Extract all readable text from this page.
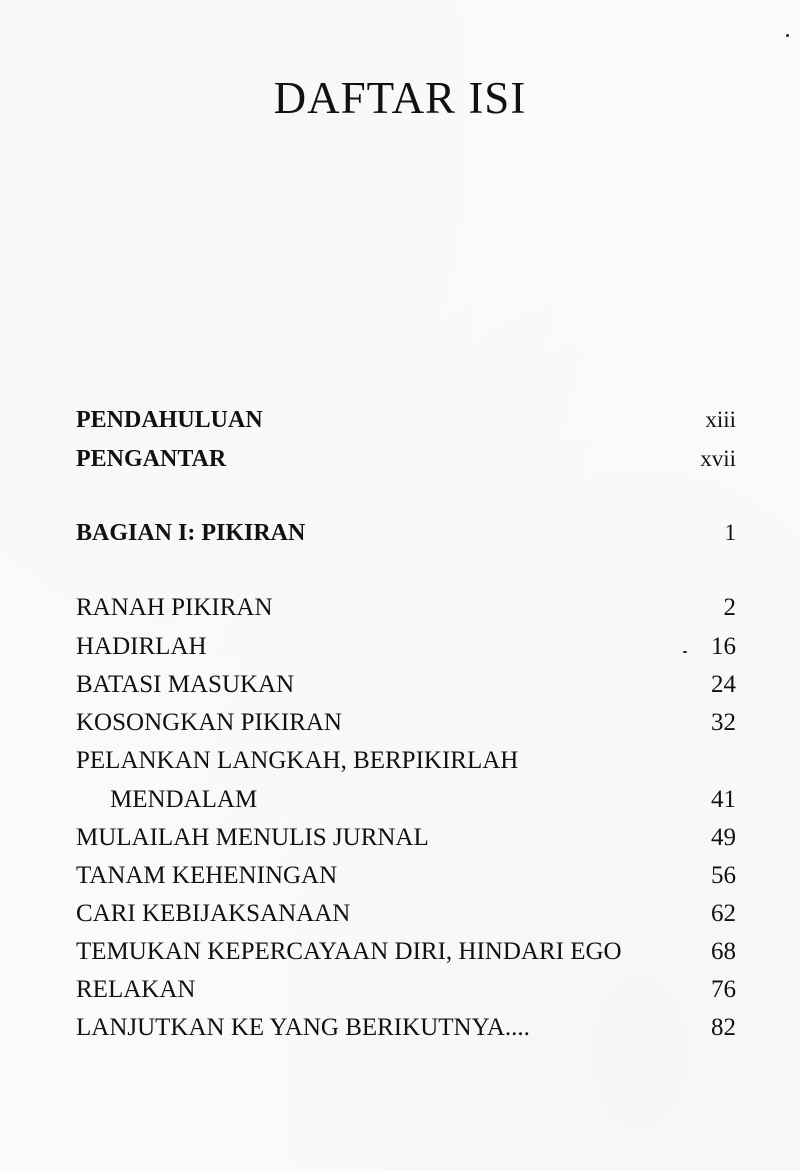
DAFTAR ISI
PENDAHULUAN	xiii
PENGANTAR	xvii
BAGIAN I: PIKIRAN	1
RANAH PIKIRAN	2
HADIRLAH	16
BATASI MASUKAN	24
KOSONGKAN PIKIRAN	32
PELANKAN LANGKAH, BERPIKIRLAH
MENDALAM	41
MULAILAH MENULIS JURNAL	49
TANAM KEHENINGAN	56
CARI KEBIJAKSANAAN	62
TEMUKAN KEPERCAYAAN DIRI, HINDARI EGO	68
RELAKAN	76
LANJUTKAN KE YANG BERIKUTNYA....	82
